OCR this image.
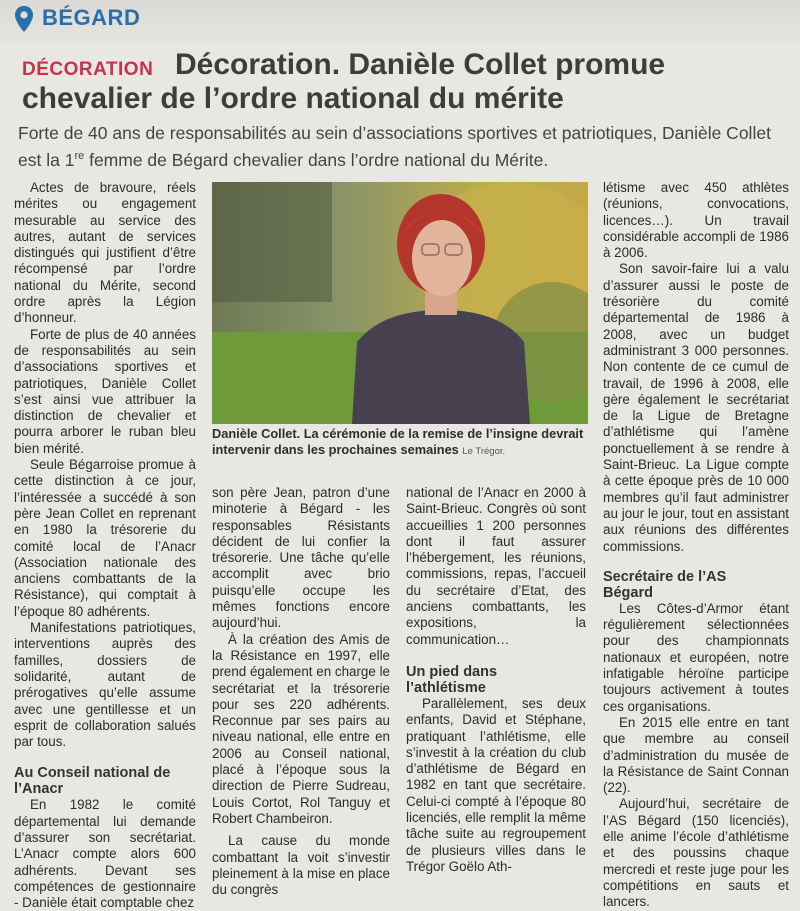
BÉGARD
DÉCORATION Décoration. Danièle Collet promue chevalier de l’ordre national du mérite

Forte de 40 ans de responsabilités au sein d’associations sportives et patriotiques, Danièle Collet est la 1re femme de Bégard chevalier dans l’ordre national du Mérite.

Actes de bravoure, réels mérites ou engagement mesurable au service des autres, autant de services distingués qui justifient d’être récompensé par l’ordre national du Mérite, second ordre après la Légion d’honneur.

Forte de plus de 40 années de responsabilités au sein d’associations sportives et patriotiques, Danièle Collet s’est ainsi vue attribuer la distinction de chevalier et pourra arborer le ruban bleu bien mérité.

Seule Bégarroise promue à cette distinction à ce jour, l’intéressée a succédé à son père Jean Collet en reprenant en 1980 la trésorerie du comité local de l’Anacr (Association nationale des anciens combattants de la Résistance), qui comptait à l’époque 80 adhérents.

Manifestations patriotiques, interventions auprès des familles, dossiers de solidarité, autant de prérogatives qu’elle assume avec une gentillesse et un esprit de collaboration salués par tous.

Au Conseil national de l’Anacr

En 1982 le comité départemental lui demande d’assurer son secrétariat. L’Anacr compte alors 600 adhérents. Devant ses compétences de gestionnaire - Danièle était comptable chez

Danièle Collet. La cérémonie de la remise de l’insigne devrait intervenir dans les prochaines semaines Le Trégor.

son père Jean, patron d’une minoterie à Bégard - les responsables Résistants décident de lui confier la trésorerie. Une tâche qu’elle accomplit avec brio puisqu’elle occupe les mêmes fonctions encore aujourd’hui.

À la création des Amis de la Résistance en 1997, elle prend également en charge le secrétariat et la trésorerie pour ses 220 adhérents. Reconnue par ses pairs au niveau national, elle entre en 2006 au Conseil national, placé à l’époque sous la direction de Pierre Sudreau, Louis Cortot, Rol Tanguy et Robert Chambeiron.

La cause du monde combattant la voit s’investir pleinement à la mise en place du congrès

national de l’Anacr en 2000 à Saint-Brieuc. Congrès où sont accueillies 1 200 personnes dont il faut assurer l’hébergement, les réunions, commissions, repas, l’accueil du secrétaire d’Etat, des anciens combattants, les expositions, la communication…

Un pied dans l’athlétisme

Parallèlement, ses deux enfants, David et Stéphane, pratiquant l’athlétisme, elle s’investit à la création du club d’athlétisme de Bégard en 1982 en tant que secrétaire. Celui-ci compté à l’époque 80 licenciés, elle remplit la même tâche suite au regroupement de plusieurs villes dans le Trégor Goëlo Ath-

létisme avec 450 athlètes (réunions, convocations, licences…). Un travail considérable accompli de 1986 à 2006.

Son savoir-faire lui a valu d’assurer aussi le poste de trésorière du comité départemental de 1986 à 2008, avec un budget administrant 3 000 personnes. Non contente de ce cumul de travail, de 1996 à 2008, elle gère également le secrétariat de la Ligue de Bretagne d’athlétisme qui l’amène ponctuellement à se rendre à Saint-Brieuc. La Ligue compte à cette époque près de 10 000 membres qu’il faut administrer au jour le jour, tout en assistant aux réunions des différentes commissions.

Secrétaire de l’AS Bégard

Les Côtes-d’Armor étant régulièrement sélectionnées pour des championnats nationaux et européen, notre infatigable héroïne participe toujours activement à toutes ces organisations.

En 2015 elle entre en tant que membre au conseil d’administration du musée de la Résistance de Saint Connan (22).

Aujourd’hui, secrétaire de l’AS Bégard (150 licenciés), elle anime l’école d’athlétisme et des poussins chaque mercredi et reste juge pour les compétitions en sauts et lancers.
